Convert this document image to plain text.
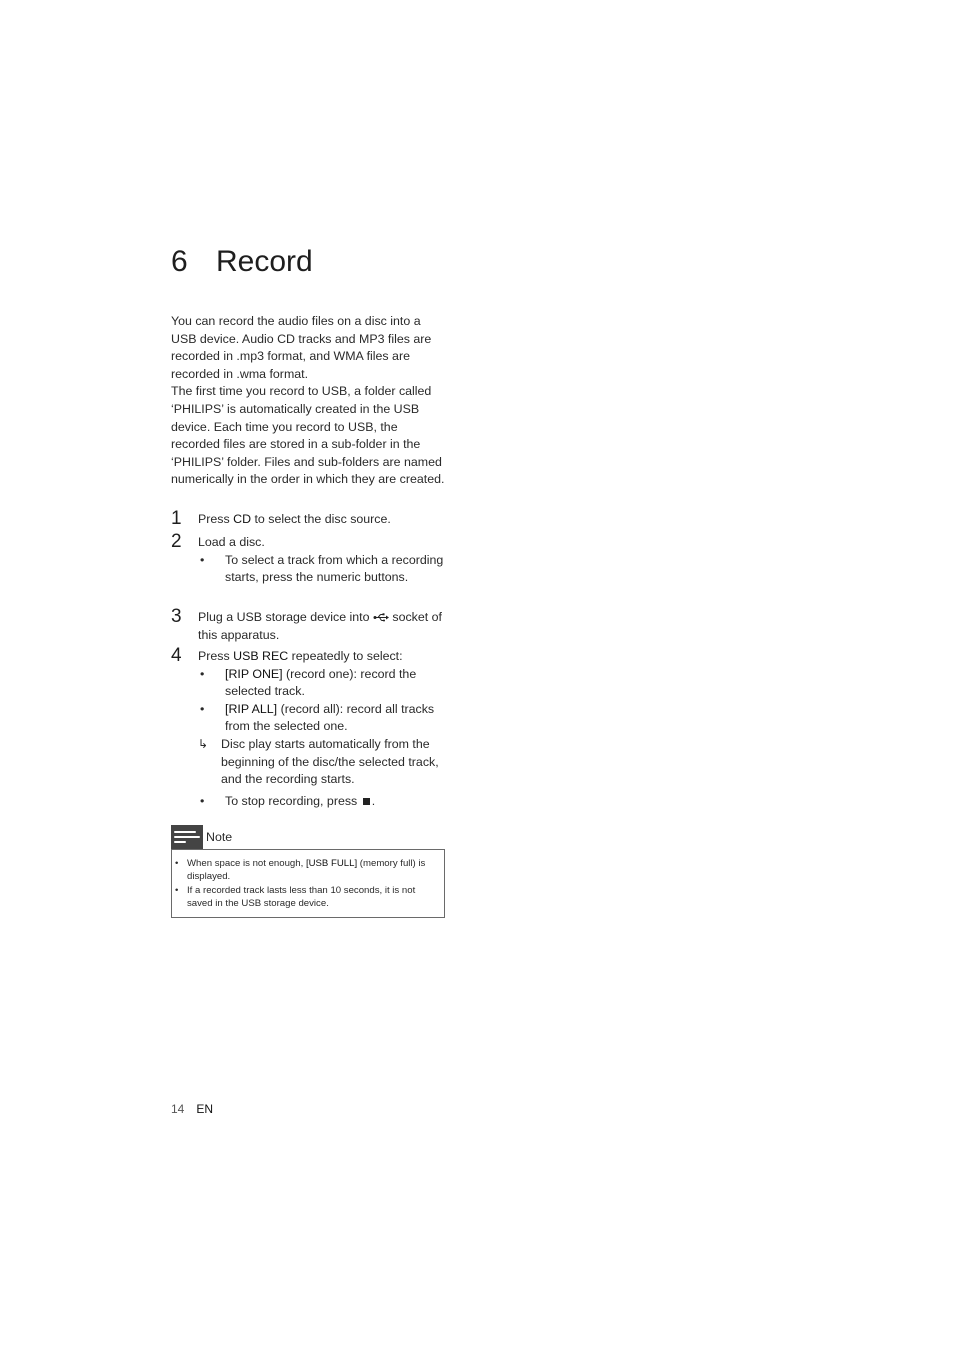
6 Record

You can record the audio files on a disc into a USB device. Audio CD tracks and MP3 files are recorded in .mp3 format, and WMA files are recorded in .wma format.

The first time you record to USB, a folder called ‘PHILIPS’ is automatically created in the USB device. Each time you record to USB, the recorded files are stored in a sub-folder in the ‘PHILIPS’ folder. Files and sub-folders are named numerically in the order in which they are created.

1 Press CD to select the disc source.
2 Load a disc.
• To select a track from which a recording starts, press the numeric buttons.
3 Plug a USB storage device into  socket of this apparatus.
4 Press USB REC repeatedly to select:
• [RIP ONE] (record one): record the selected track.
• [RIP ALL] (record all): record all tracks from the selected one.
↳ Disc play starts automatically from the beginning of the disc/the selected track, and the recording starts.
• To stop recording, press .
Note
• When space is not enough, [USB FULL] (memory full) is displayed.
• If a recorded track lasts less than 10 seconds, it is not saved in the USB storage device.
14 EN
